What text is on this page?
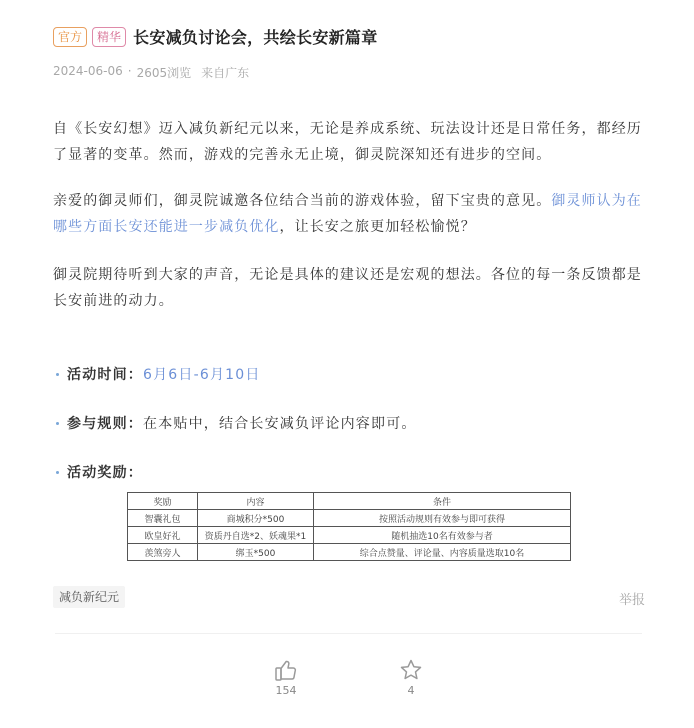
官方	精华 长安减负讨论会，共绘长安新篇章
2024-06-06 · 2605浏览 来自广东

自《长安幻想》迈入减负新纪元以来，无论是养成系统、玩法设计还是日常任务，都经历了显著的变革。然而，游戏的完善永无止境，御灵院深知还有进步的空间。

亲爱的御灵师们，御灵院诚邀各位结合当前的游戏体验，留下宝贵的意见。御灵师认为在哪些方面长安还能进一步减负优化，让长安之旅更加轻松愉悦？

御灵院期待听到大家的声音，无论是具体的建议还是宏观的想法。各位的每一条反馈都是长安前进的动力。

活动时间： 6月6日-6月10日
参与规则： 在本贴中，结合长安减负评论内容即可。
活动奖励：
奖励	内容	条件
智囊礼包	商城积分*500	按照活动规则有效参与即可获得
欧皇好礼	资质丹自选*2、妖魂果*1	随机抽选10名有效参与者
羡煞旁人	绑玉*500	综合点赞量、评论量、内容质量选取10名
减负新纪元	举报
154	4
